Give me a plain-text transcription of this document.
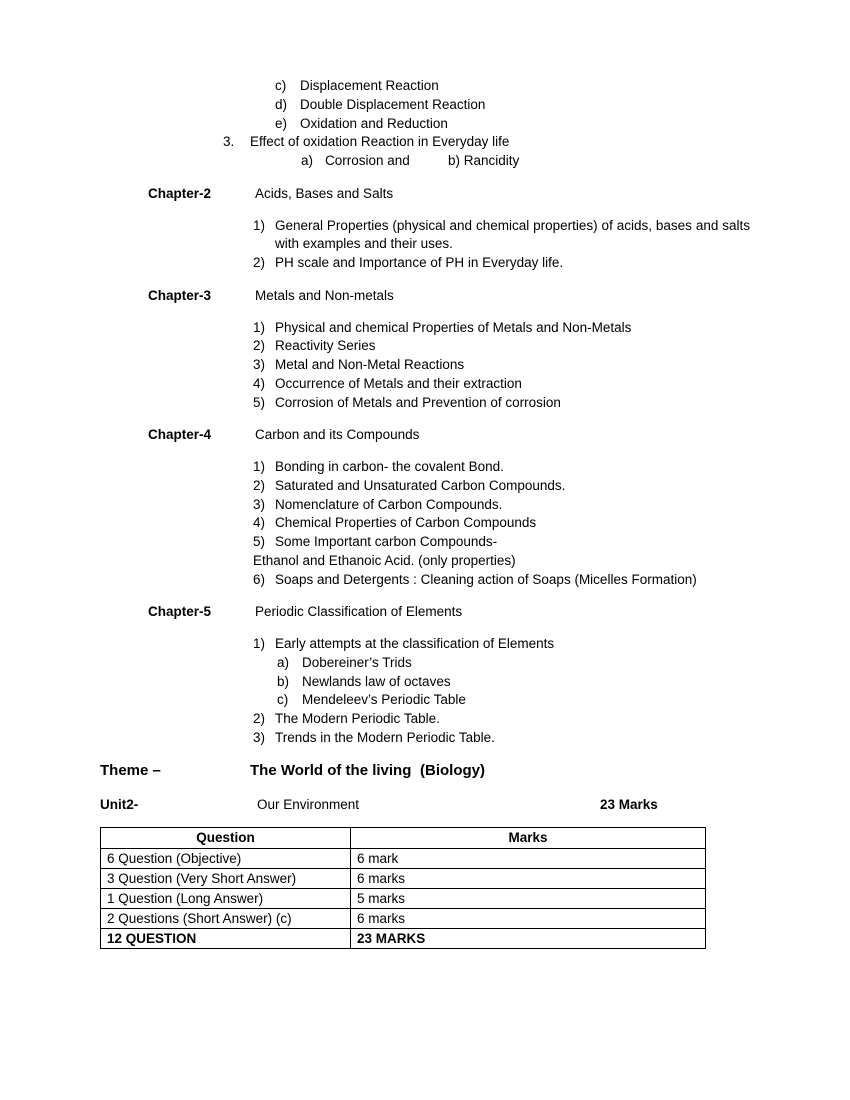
c) Displacement Reaction
d) Double Displacement Reaction
e) Oxidation and Reduction
3. Effect of oxidation Reaction in Everyday life
a) Corrosion and	b) Rancidity
Chapter-2	Acids, Bases and Salts
1) General Properties (physical and chemical properties) of acids, bases and salts with examples and their uses.
2) PH scale and Importance of PH in Everyday life.
Chapter-3	Metals and Non-metals
1) Physical and chemical Properties of Metals and Non-Metals
2) Reactivity Series
3) Metal and Non-Metal Reactions
4) Occurrence of Metals and their extraction
5) Corrosion of Metals and Prevention of corrosion
Chapter-4	Carbon and its Compounds
1) Bonding in carbon- the covalent Bond.
2) Saturated and Unsaturated Carbon Compounds.
3) Nomenclature of Carbon Compounds.
4) Chemical Properties of Carbon Compounds
5) Some Important carbon Compounds-
Ethanol and Ethanoic Acid. (only properties)
6) Soaps and Detergents : Cleaning action of Soaps (Micelles Formation)
Chapter-5	Periodic Classification of Elements
1) Early attempts at the classification of Elements
a) Dobereiner’s Trids
b) Newlands law of octaves
c) Mendeleev’s Periodic Table
2) The Modern Periodic Table.
3) Trends in the Modern Periodic Table.
Theme –	The World of the living (Biology)
Unit2-	Our Environment	23 Marks
Question	Marks
6 Question (Objective)	6 mark
3 Question (Very Short Answer)	6 marks
1 Question (Long Answer)	5 marks
2 Questions (Short Answer) (c)	6 marks
12 QUESTION	23 MARKS
